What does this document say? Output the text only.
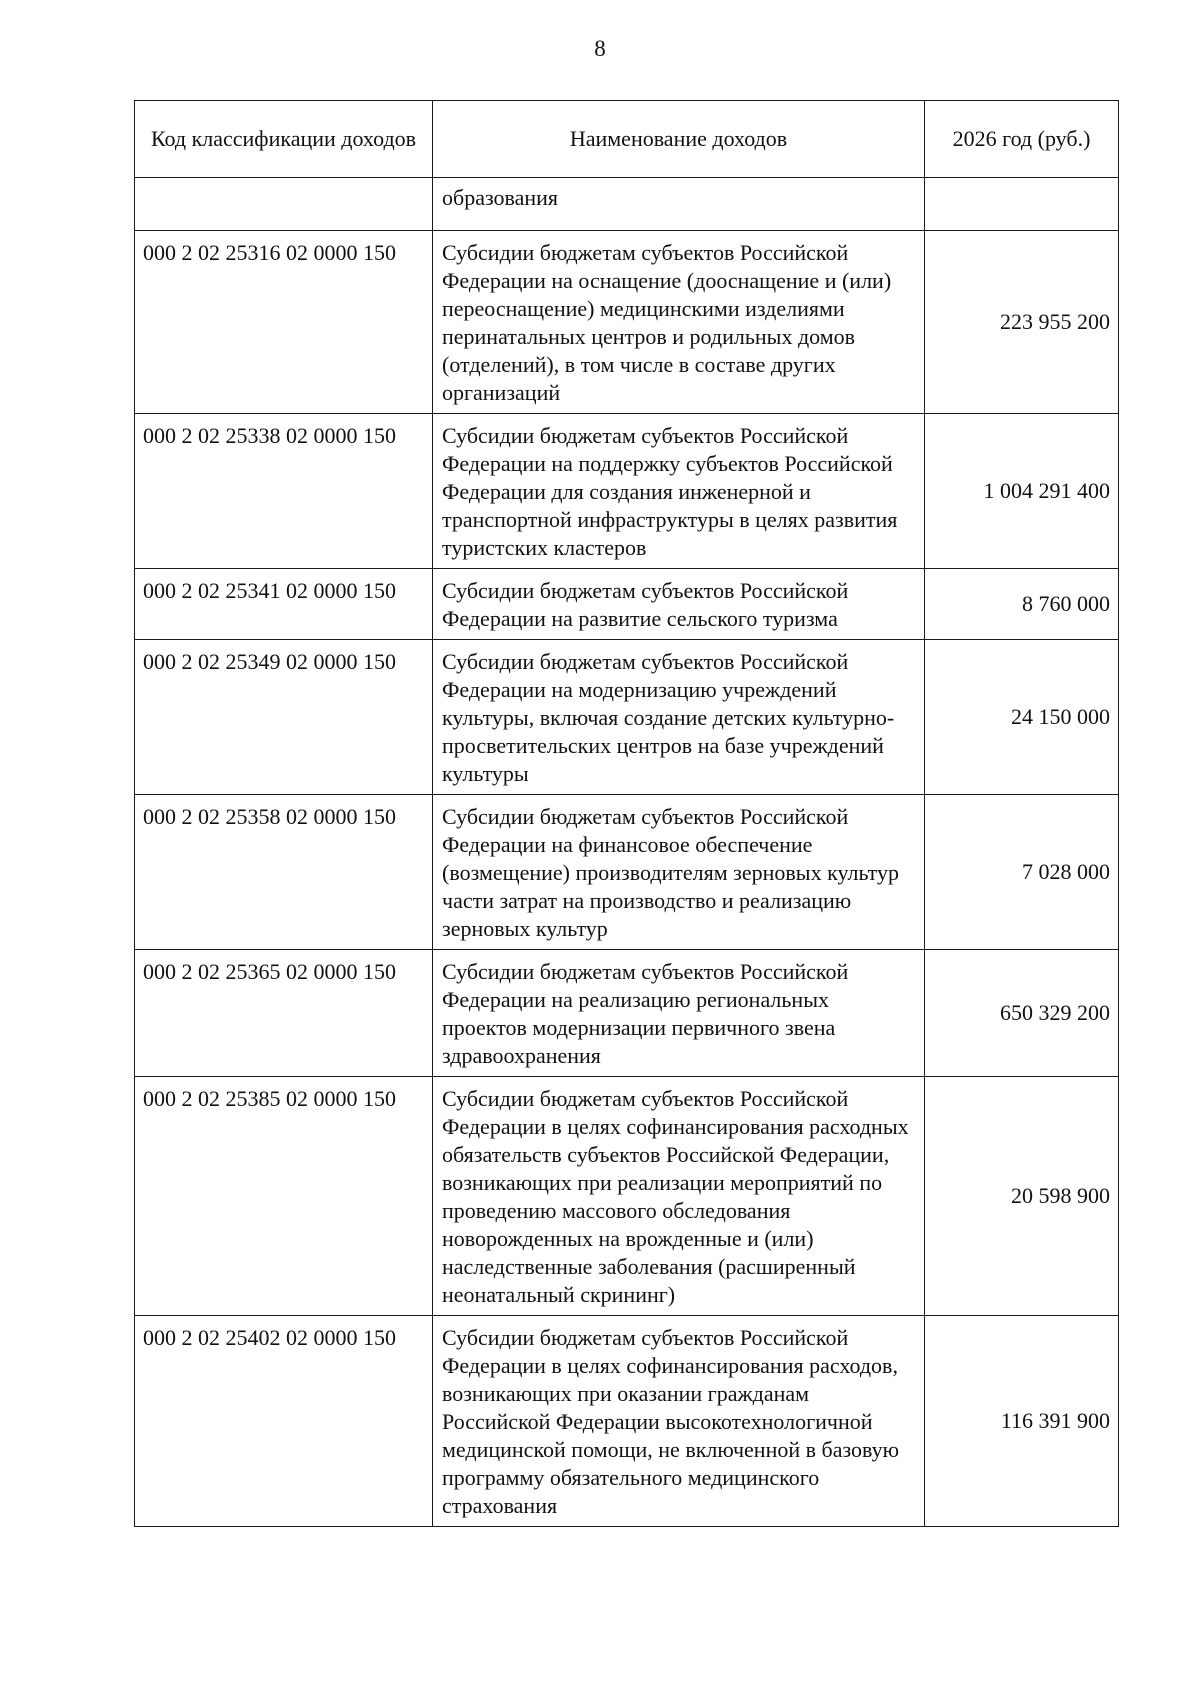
8
Код классификации доходов	Наименование доходов	2026 год (руб.)
	образования	
000 2 02 25316 02 0000 150	Субсидии бюджетам субъектов Российской Федерации на оснащение (дооснащение и (или) переоснащение) медицинскими изделиями перинатальных центров и родильных домов (отделений), в том числе в составе других организаций	223 955 200
000 2 02 25338 02 0000 150	Субсидии бюджетам субъектов Российской Федерации на поддержку субъектов Российской Федерации для создания инженерной и транспортной инфраструктуры в целях развития туристских кластеров	1 004 291 400
000 2 02 25341 02 0000 150	Субсидии бюджетам субъектов Российской Федерации на развитие сельского туризма	8 760 000
000 2 02 25349 02 0000 150	Субсидии бюджетам субъектов Российской Федерации на модернизацию учреждений культуры, включая создание детских культурно-просветительских центров на базе учреждений культуры	24 150 000
000 2 02 25358 02 0000 150	Субсидии бюджетам субъектов Российской Федерации на финансовое обеспечение (возмещение) производителям зерновых культур части затрат на производство и реализацию зерновых культур	7 028 000
000 2 02 25365 02 0000 150	Субсидии бюджетам субъектов Российской Федерации на реализацию региональных проектов модернизации первичного звена здравоохранения	650 329 200
000 2 02 25385 02 0000 150	Субсидии бюджетам субъектов Российской Федерации в целях софинансирования расходных обязательств субъектов Российской Федерации, возникающих при реализации мероприятий по проведению массового обследования новорожденных на врожденные и (или) наследственные заболевания (расширенный неонатальный скрининг)	20 598 900
000 2 02 25402 02 0000 150	Субсидии бюджетам субъектов Российской Федерации в целях софинансирования расходов, возникающих при оказании гражданам Российской Федерации высокотехнологичной медицинской помощи, не включенной в базовую программу обязательного медицинского страхования	116 391 900
